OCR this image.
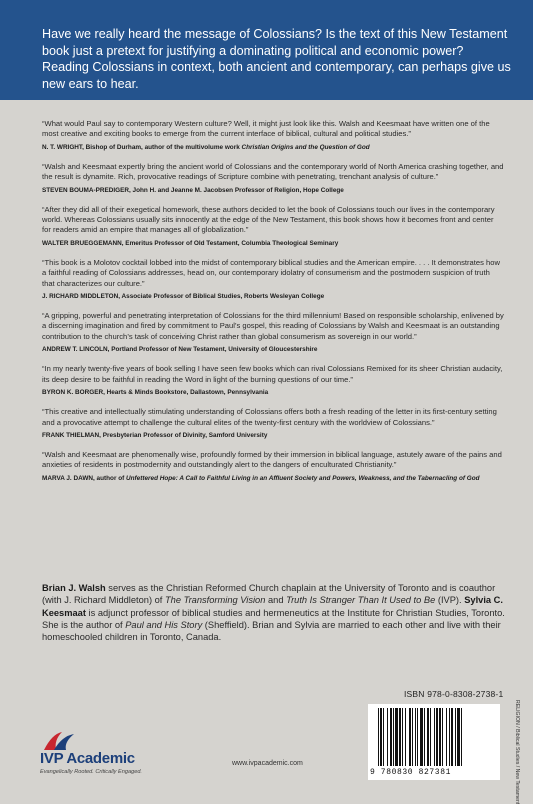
Have we really heard the message of Colossians? Is the text of this New Testament book just a pretext for justifying a dominating political and economic power? Reading Colossians in context, both ancient and contemporary, can perhaps give us new ears to hear.

“What would Paul say to contemporary Western culture? Well, it might just look like this. Walsh and Keesmaat have written one of the most creative and exciting books to emerge from the current interface of biblical, cultural and political studies.”

N. T. WRIGHT, Bishop of Durham, author of the multivolume work Christian Origins and the Question of God

“Walsh and Keesmaat expertly bring the ancient world of Colossians and the contemporary world of North America crashing together, and the result is dynamite. Rich, provocative readings of Scripture combine with penetrating, trenchant analysis of culture.”

STEVEN BOUMA-PREDIGER, John H. and Jeanne M. Jacobsen Professor of Religion, Hope College

“After they did all of their exegetical homework, these authors decided to let the book of Colossians touch our lives in the contemporary world. Whereas Colossians usually sits innocently at the edge of the New Testament, this book shows how it becomes front and center for readers amid an empire that manages all of globalization.”

WALTER BRUEGGEMANN, Emeritus Professor of Old Testament, Columbia Theological Seminary

“This book is a Molotov cocktail lobbed into the midst of contemporary biblical studies and the American empire. . . . It demonstrates how a faithful reading of Colossians addresses, head on, our contemporary idolatry of consumerism and the postmodern suspicion of truth that characterizes our culture.”

J. RICHARD MIDDLETON, Associate Professor of Biblical Studies, Roberts Wesleyan College

“A gripping, powerful and penetrating interpretation of Colossians for the third millennium! Based on responsible scholarship, enlivened by a discerning imagination and fired by commitment to Paul’s gospel, this reading of Colossians by Walsh and Keesmaat is an outstanding contribution to the church’s task of conceiving Christ rather than global consumerism as sovereign in our world.”

ANDREW T. LINCOLN, Portland Professor of New Testament, University of Gloucestershire

“In my nearly twenty-five years of book selling I have seen few books which can rival Colossians Remixed for its sheer Christian audacity, its deep desire to be faithful in reading the Word in light of the burning questions of our time.”

BYRON K. BORGER, Hearts & Minds Bookstore, Dallastown, Pennsylvania

“This creative and intellectually stimulating understanding of Colossians offers both a fresh reading of the letter in its first-century setting and a provocative attempt to challenge the cultural elites of the twenty-first century with the worldview of Colossians.”

FRANK THIELMAN, Presbyterian Professor of Divinity, Samford University

“Walsh and Keesmaat are phenomenally wise, profoundly formed by their immersion in biblical language, astutely aware of the pains and anxieties of residents in postmodernity and outstandingly alert to the dangers of enculturated Christianity.”

MARVA J. DAWN, author of Unfettered Hope: A Call to Faithful Living in an Affluent Society and Powers, Weakness, and the Tabernacling of God

Brian J. Walsh serves as the Christian Reformed Church chaplain at the University of Toronto and is coauthor (with J. Richard Middleton) of The Transforming Vision and Truth Is Stranger Than It Used to Be (IVP). Sylvia C. Keesmaat is adjunct professor of biblical studies and hermeneutics at the Institute for Christian Studies, Toronto. She is the author of Paul and His Story (Sheffield). Brian and Sylvia are married to each other and live with their homeschooled children in Toronto, Canada.
ISBN 978-0-8308-2738-1
9 780830 827381	RELIGION / Biblical Studies / New Testament
IVP Academic
Evangelically Rooted. Critically Engaged.
www.ivpacademic.com
